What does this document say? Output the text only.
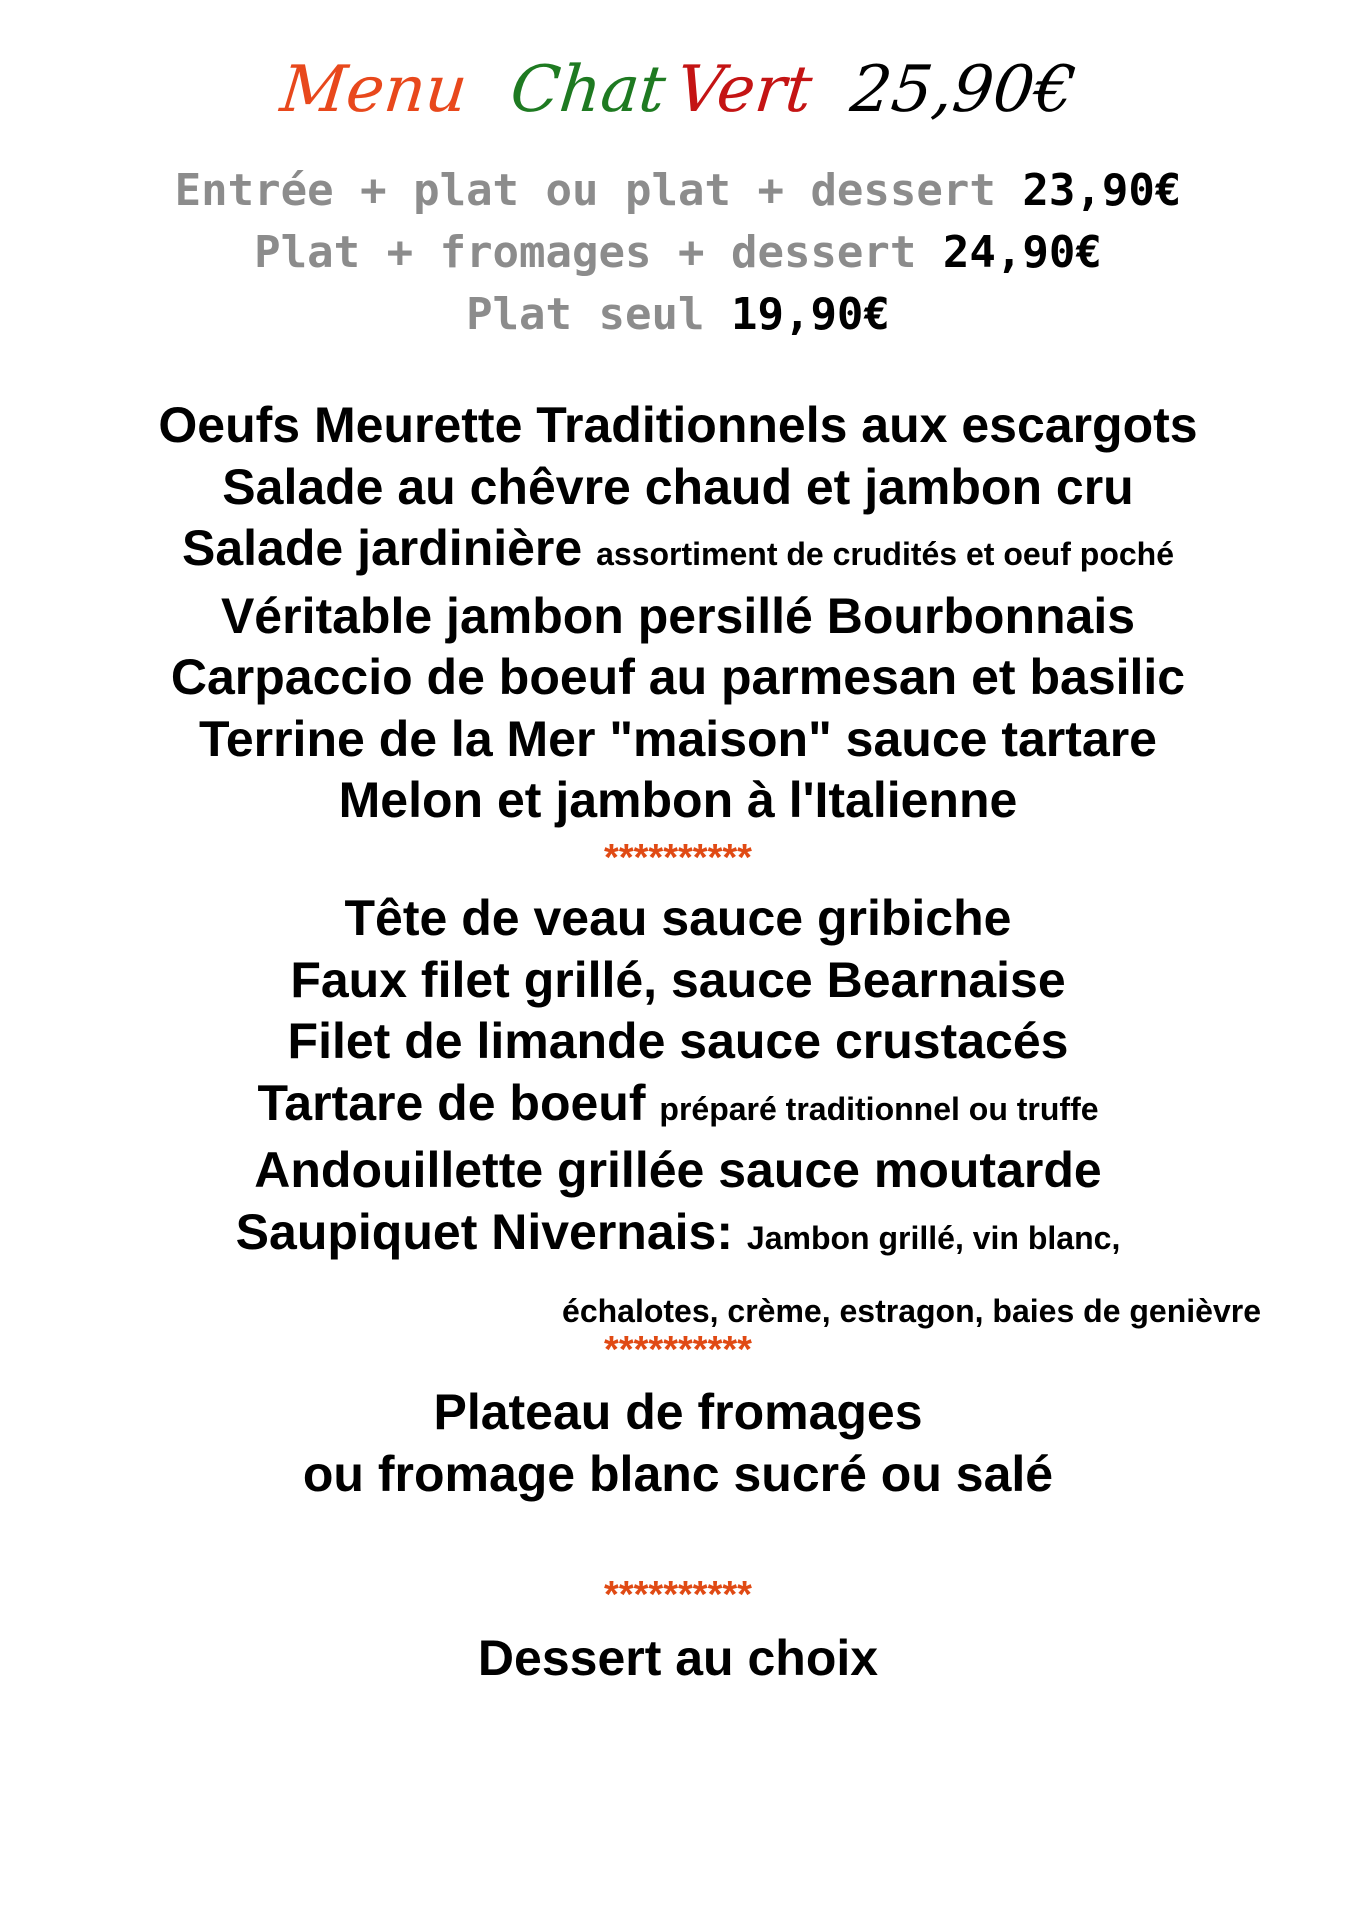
Menu ChatVert 25,90€
Entrée + plat ou plat + dessert 23,90€
Plat + fromages + dessert 24,90€
Plat seul 19,90€
Oeufs Meurette Traditionnels aux escargots
Salade au chêvre chaud et jambon cru
Salade jardinière assortiment de crudités et oeuf poché
Véritable jambon persillé Bourbonnais
Carpaccio de boeuf au parmesan et basilic
Terrine de la Mer "maison" sauce tartare
Melon et jambon à l'Italienne
**********
Tête de veau sauce gribiche
Faux filet grillé, sauce Bearnaise
Filet de limande sauce crustacés
Tartare de boeuf préparé traditionnel ou truffe
Andouillette grillée sauce moutarde
Saupiquet Nivernais: Jambon grillé, vin blanc,
échalotes, crème, estragon, baies de genièvre
**********
Plateau de fromages
ou fromage blanc sucré ou salé
**********
Dessert au choix
